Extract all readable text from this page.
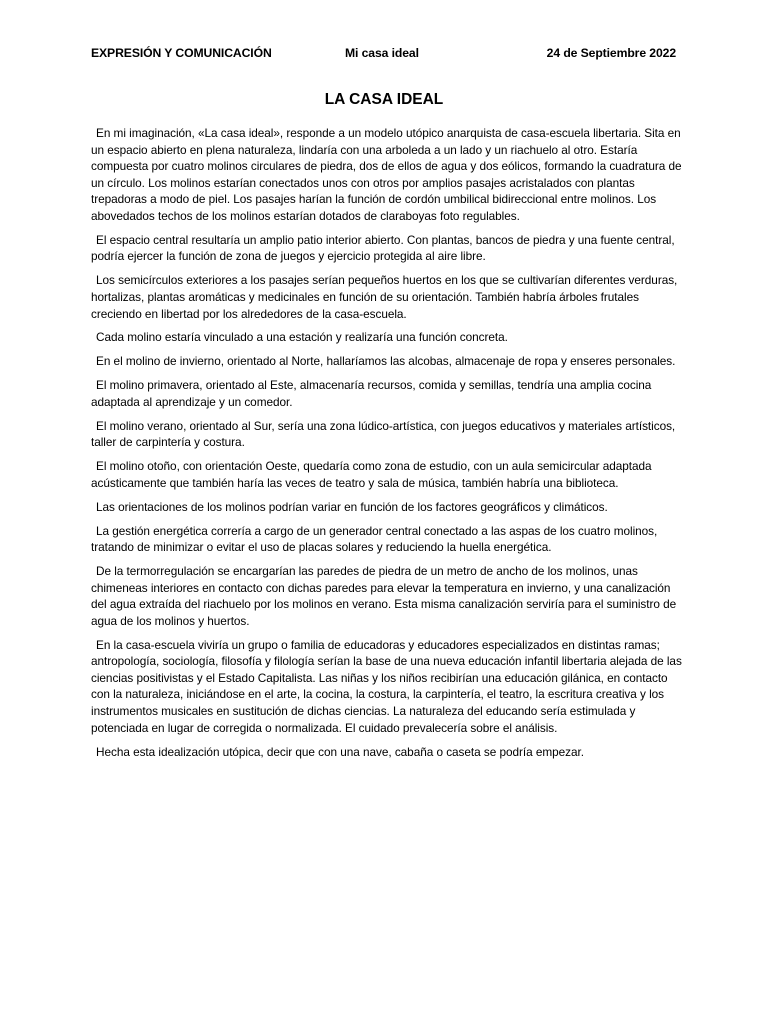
EXPRESIÓN Y COMUNICACIÓN	Mi casa ideal	24 de Septiembre 2022
LA CASA IDEAL

En mi imaginación, «La casa ideal», responde a un modelo utópico anarquista de casa-escuela libertaria. Sita en un espacio abierto en plena naturaleza, lindaría con una arboleda a un lado y un riachuelo al otro. Estaría compuesta por cuatro molinos circulares de piedra, dos de ellos de agua y dos eólicos, formando la cuadratura de un círculo. Los molinos estarían conectados unos con otros por amplios pasajes acristalados con plantas trepadoras a modo de piel. Los pasajes harían la función de cordón umbilical bidireccional entre molinos. Los abovedados techos de los molinos estarían dotados de claraboyas foto regulables.

El espacio central resultaría un amplio patio interior abierto. Con plantas, bancos de piedra y una fuente central, podría ejercer la función de zona de juegos y ejercicio protegida al aire libre.

Los semicírculos exteriores a los pasajes serían pequeños huertos en los que se cultivarían diferentes verduras, hortalizas, plantas aromáticas y medicinales en función de su orientación. También habría árboles frutales creciendo en libertad por los alrededores de la casa-escuela.

Cada molino estaría vinculado a una estación y realizaría una función concreta.

En el molino de invierno, orientado al Norte, hallaríamos las alcobas, almacenaje de ropa y enseres personales.

El molino primavera, orientado al Este, almacenaría recursos, comida y semillas, tendría una amplia cocina adaptada al aprendizaje y un comedor.

El molino verano, orientado al Sur, sería una zona lúdico-artística, con juegos educativos y materiales artísticos, taller de carpintería y costura.

El molino otoño, con orientación Oeste, quedaría como zona de estudio, con un aula semicircular adaptada acústicamente que también haría las veces de teatro y sala de música, también habría una biblioteca.

Las orientaciones de los molinos podrían variar en función de los factores geográficos y climáticos.

La gestión energética correría a cargo de un generador central conectado a las aspas de los cuatro molinos, tratando de minimizar o evitar el uso de placas solares y reduciendo la huella energética.

De la termorregulación se encargarían las paredes de piedra de un metro de ancho de los molinos, unas chimeneas interiores en contacto con dichas paredes para elevar la temperatura en invierno, y una canalización del agua extraída del riachuelo por los molinos en verano. Esta misma canalización serviría para el suministro de agua de los molinos y huertos.

En la casa-escuela viviría un grupo o familia de educadoras y educadores especializados en distintas ramas; antropología, sociología, filosofía y filología serían la base de una nueva educación infantil libertaria alejada de las ciencias positivistas y el Estado Capitalista. Las niñas y los niños recibirían una educación gilánica, en contacto con la naturaleza, iniciándose en el arte, la cocina, la costura, la carpintería, el teatro, la escritura creativa y los instrumentos musicales en sustitución de dichas ciencias. La naturaleza del educando sería estimulada y potenciada en lugar de corregida o normalizada. El cuidado prevalecería sobre el análisis.

Hecha esta idealización utópica, decir que con una nave, cabaña o caseta se podría empezar.
